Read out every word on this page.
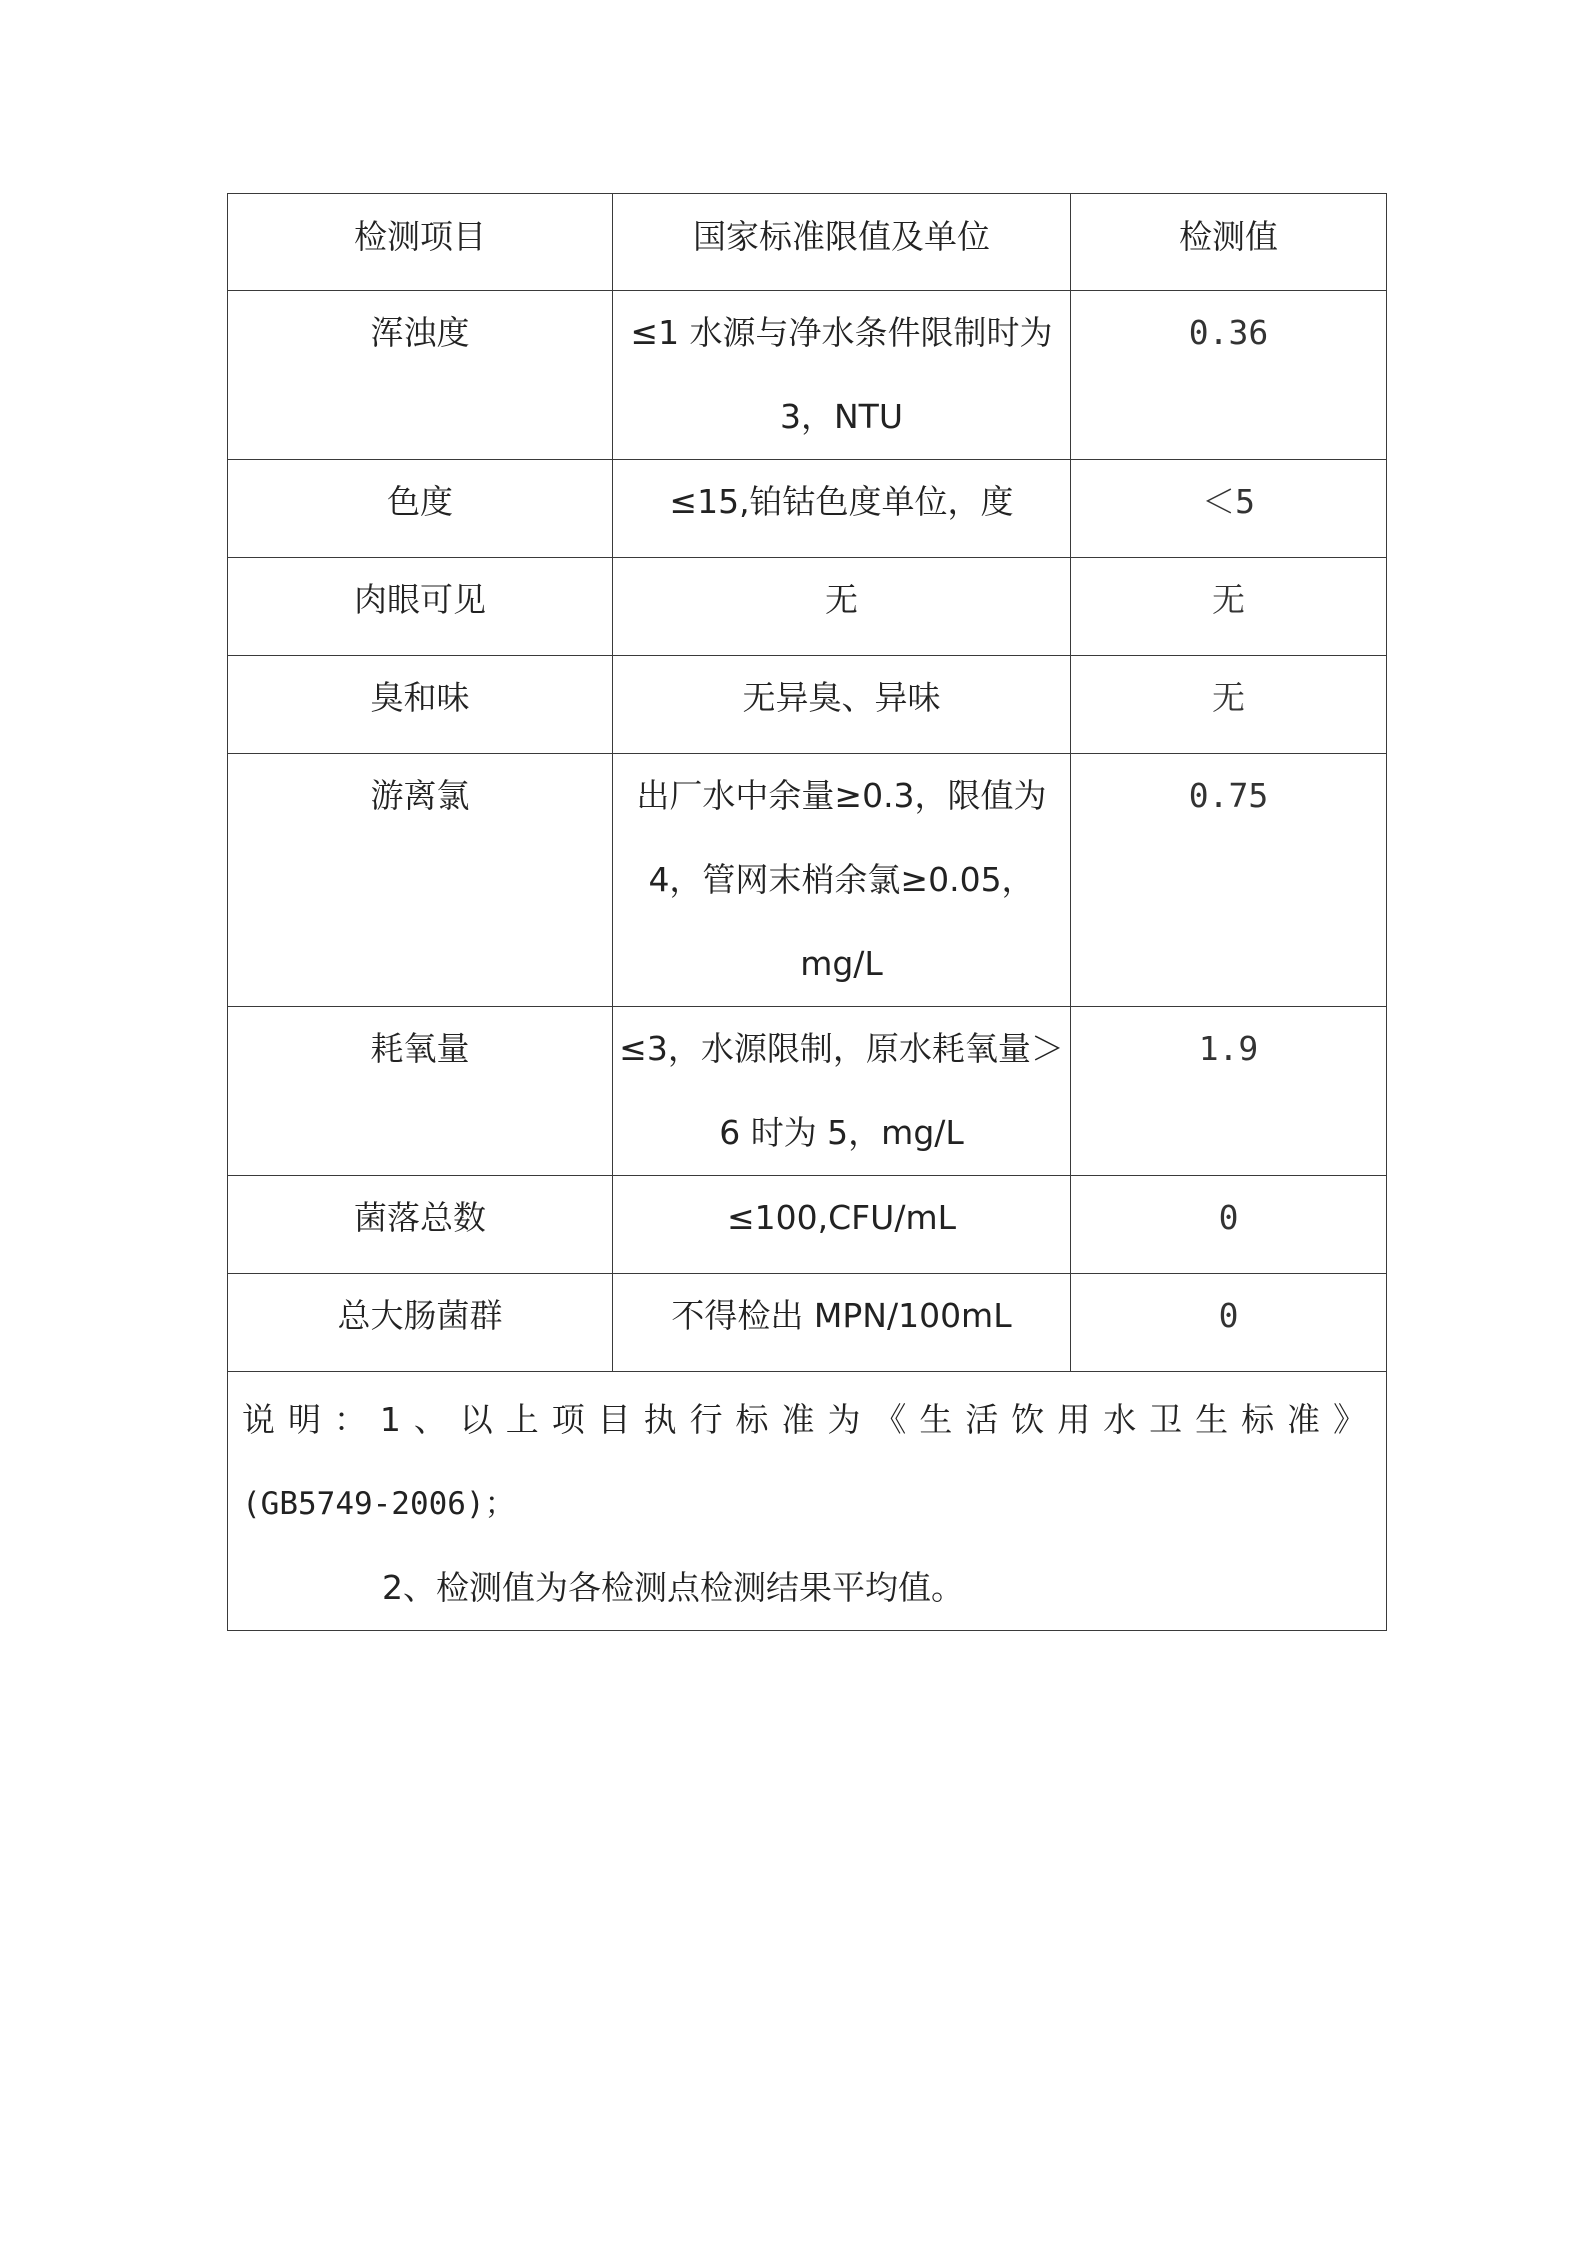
检测项目	国家标准限值及单位	检测值
浑浊度	≤1 水源与净水条件限制时为 3，NTU	0.36
色度	≤15,铂钴色度单位，度	＜5
肉眼可见	无	无
臭和味	无异臭、异味	无
游离氯	出厂水中余量≥0.3，限值为 4，管网末梢余氯≥0.05，mg/L	0.75
耗氧量	≤3，水源限制，原水耗氧量＞6 时为 5，mg/L	1.9
菌落总数	≤100,CFU/mL	0
总大肠菌群	不得检出 MPN/100mL	0

说明：1、以上项目执行标准为《生活饮用水卫生标准》
(GB5749-2006)；
2、检测值为各检测点检测结果平均值。		
